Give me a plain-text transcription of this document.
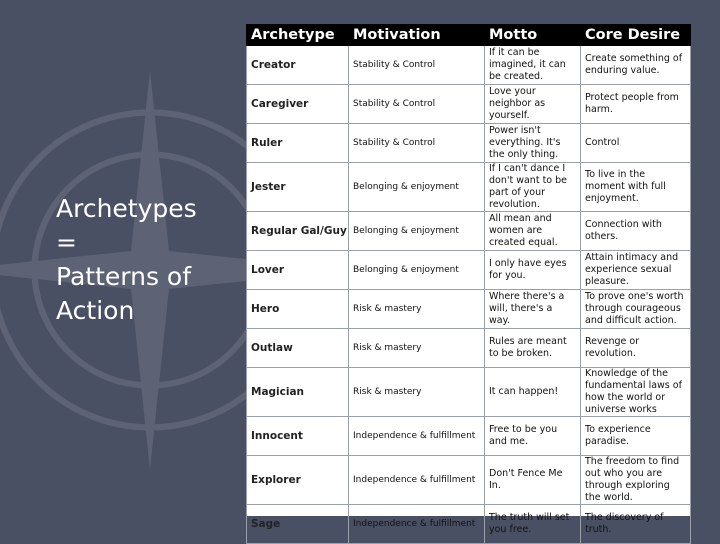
Archetypes
=
Patterns of
Action
Archetype	Motivation	Motto	Core Desire
Creator	Stability & Control	If it can be imagined, it can be created.	Create something of enduring value.
Caregiver	Stability & Control	Love your neighbor as yourself.	Protect people from harm.
Ruler	Stability & Control	Power isn't everything. It's the only thing.	Control
Jester	Belonging & enjoyment	If I can't dance I don't want to be part of your revolution.	To live in the moment with full enjoyment.
Regular Gal/Guy	Belonging & enjoyment	All mean and women are created equal.	Connection with others.
Lover	Belonging & enjoyment	I only have eyes for you.	Attain intimacy and experience sexual pleasure.
Hero	Risk & mastery	Where there's a will, there's a way.	To prove one's worth through courageous and difficult action.
Outlaw	Risk & mastery	Rules are meant to be broken.	Revenge or revolution.
Magician	Risk & mastery	It can happen!	Knowledge of the fundamental laws of how the world or universe works
Innocent	Independence & fulfillment	Free to be you and me.	To experience paradise.
Explorer	Independence & fulfillment	Don't Fence Me In.	The freedom to find out who you are through exploring the world.
Sage	Independence & fulfillment	The truth will set you free.	The discovery of truth.
